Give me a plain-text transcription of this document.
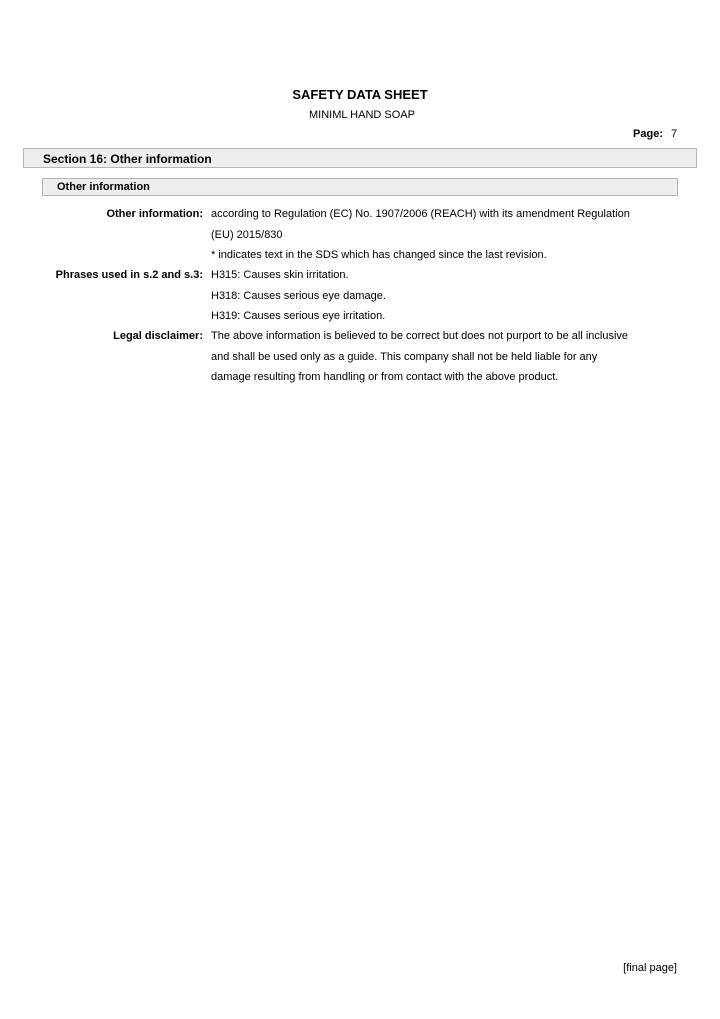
SAFETY DATA SHEET
MINIML HAND SOAP
Page: 7
Section 16: Other information
Other information
Other information: according to Regulation (EC) No. 1907/2006 (REACH) with its amendment Regulation
(EU) 2015/830
* indicates text in the SDS which has changed since the last revision.
Phrases used in s.2 and s.3: H315: Causes skin irritation.
H318: Causes serious eye damage.
H319: Causes serious eye irritation.
Legal disclaimer: The above information is believed to be correct but does not purport to be all inclusive
and shall be used only as a guide. This company shall not be held liable for any
damage resulting from handling or from contact with the above product.
[final page]
